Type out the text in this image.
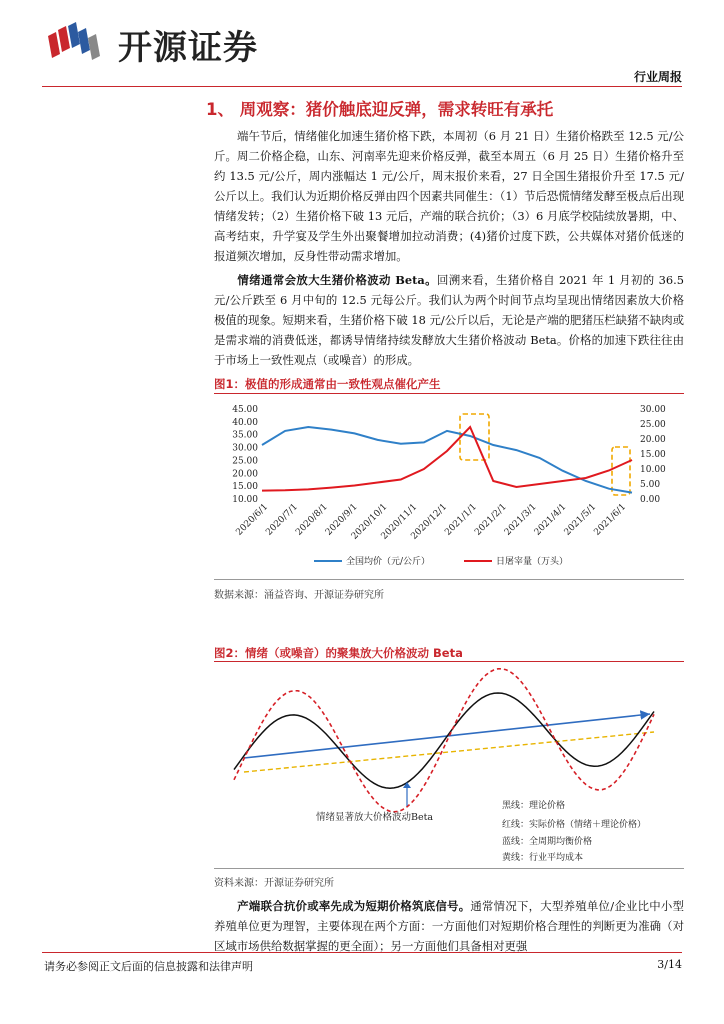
开源证券
行业周报
1、 周观察：猪价触底迎反弹，需求转旺有承托
端午节后，情绪催化加速生猪价格下跌，本周初（6 月 21 日）生猪价格跌至 12.5 元/公斤。周二价格企稳，山东、河南率先迎来价格反弹，截至本周五（6 月 25 日）生猪价格升至约 13.5 元/公斤，周内涨幅达 1 元/公斤，周末报价来看，27 日全国生猪报价升至 17.5 元/公斤以上。我们认为近期价格反弹由四个因素共同催生：（1）节后恐慌情绪发酵至极点后出现情绪发转；（2）生猪价格下破 13 元后，产端的联合抗价；（3）6 月底学校陆续放暑期，中、高考结束，升学宴及学生外出聚餐增加拉动消费；(4)猪价过度下跌，公共媒体对猪价低迷的报道频次增加，反身性带动需求增加。
情绪通常会放大生猪价格波动 Beta。回溯来看，生猪价格自 2021 年 1 月初的 36.5 元/公斤跌至 6 月中旬的 12.5 元每公斤。我们认为两个时间节点均呈现出情绪因素放大价格极值的现象。短期来看，生猪价格下破 18 元/公斤以后，无论是产端的肥猪压栏缺猪不缺肉或是需求端的消费低迷，都诱导情绪持续发酵放大生猪价格波动 Beta。价格的加速下跌往往由于市场上一致性观点（或噪音）的形成。
图1：极值的形成通常由一致性观点催化产生
45.00
40.00
35.00
30.00
25.00
20.00
15.00
10.00
30.00
25.00
20.00
15.00
10.00
5.00
0.00
2020/6/1
2020/7/1
2020/8/1
2020/9/1
2020/10/1
2020/11/1
2020/12/1
2021/1/1
2021/2/1
2021/3/1
2021/4/1
2021/5/1
2021/6/1
全国均价（元/公斤）	日屠宰量（万头）
数据来源：涌益咨询、开源证券研究所
图2：情绪（或噪音）的聚集放大价格波动 Beta
情绪显著放大价格波动Beta
黑线：理论价格
红线：实际价格（情绪＋理论价格）
蓝线：全周期均衡价格
黄线：行业平均成本
资料来源：开源证券研究所
产端联合抗价或率先成为短期价格筑底信号。通常情况下，大型养殖单位/企业比中小型养殖单位更为理智，主要体现在两个方面：一方面他们对短期价格合理性的判断更为准确（对区域市场供给数据掌握的更全面）；另一方面他们具备相对更强
请务必参阅正文后面的信息披露和法律声明	3/14
